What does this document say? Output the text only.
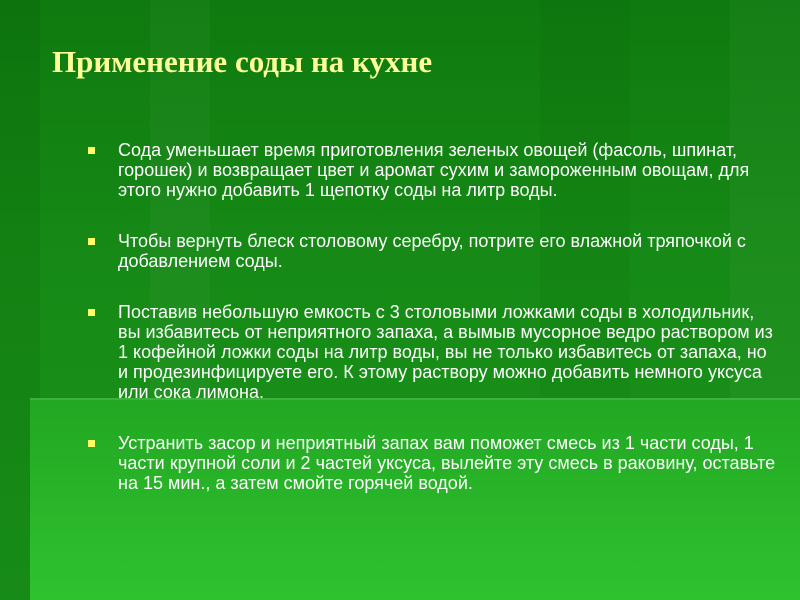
Применение соды на кухне
Сода уменьшает время приготовления зеленых овощей (фасоль, шпинат, горошек) и возвращает цвет и аромат сухим и замороженным овощам, для этого нужно добавить 1 щепотку соды на литр воды.
Чтобы вернуть блеск столовому серебру, потрите его влажной тряпочкой с добавлением соды.
Поставив небольшую емкость с 3 столовыми ложками соды в холодильник, вы избавитесь от неприятного запаха, а вымыв мусорное ведро раствором из 1 кофейной ложки соды на литр воды, вы не только избавитесь от запаха, но и продезинфицируете его. К этому раствору можно добавить немного уксуса или сока лимона.
Устранить засор и неприятный запах вам поможет смесь из 1 части соды, 1 части крупной соли и 2 частей уксуса, вылейте эту смесь в раковину, оставьте на 15 мин., а затем смойте горячей водой.
